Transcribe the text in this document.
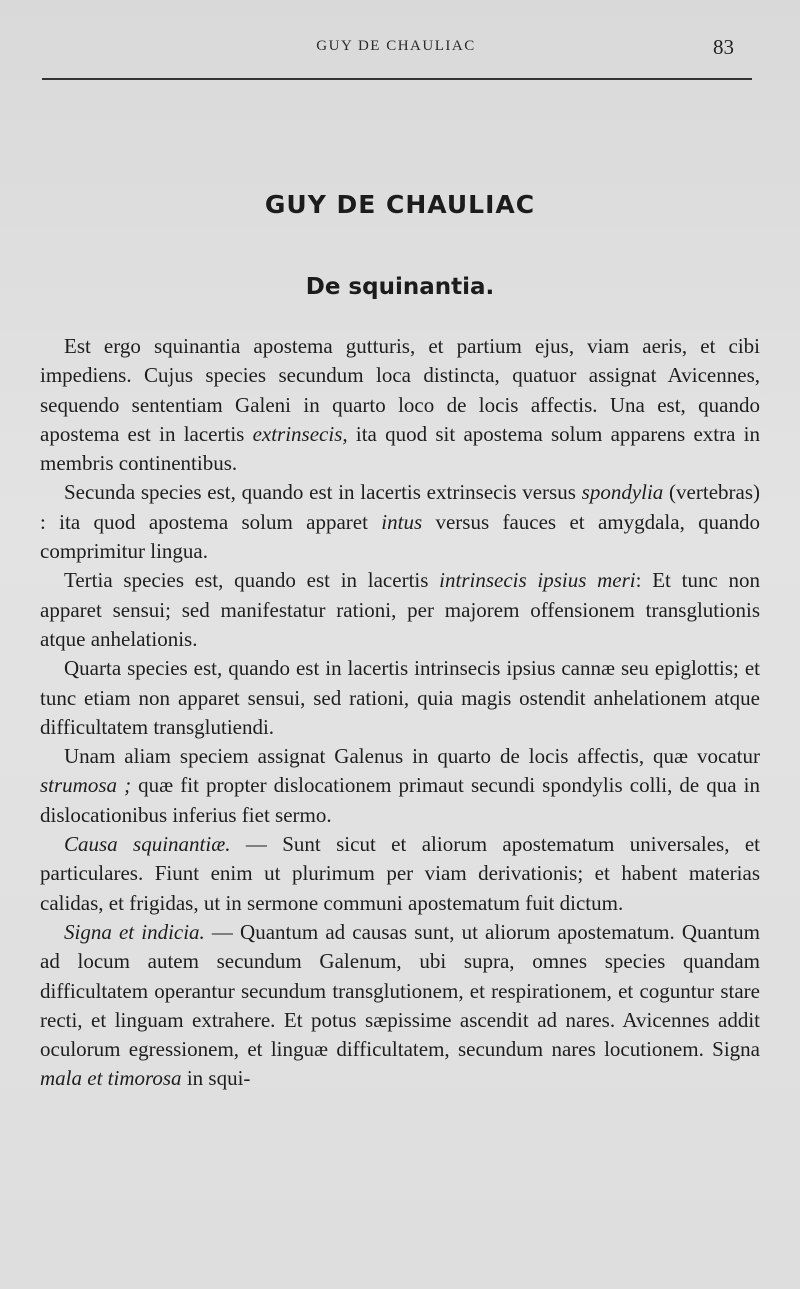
GUY DE CHAULIAC	83
GUY DE CHAULIAC
De squinantia.

Est ergo squinantia apostema gutturis, et partium ejus, viam aeris, et cibi impediens. Cujus species secundum loca distincta, quatuor assignat Avicennes, sequendo sententiam Galeni in quarto loco de locis affectis. Una est, quando apostema est in lacertis extrinsecis, ita quod sit apostema solum apparens extra in membris continentibus.

Secunda species est, quando est in lacertis extrinsecis versus spondylia (vertebras) : ita quod apostema solum apparet intus versus fauces et amygdala, quando comprimitur lingua.

Tertia species est, quando est in lacertis intrinsecis ipsius meri: Et tunc non apparet sensui; sed manifestatur rationi, per majorem offensionem transglutionis atque anhelationis.

Quarta species est, quando est in lacertis intrinsecis ipsius cannæ seu epiglottis; et tunc etiam non apparet sensui, sed rationi, quia magis ostendit anhelationem atque difficultatem transglutiendi.

Unam aliam speciem assignat Galenus in quarto de locis affectis, quæ vocatur strumosa ; quæ fit propter dislocationem primaut secundi spondylis colli, de qua in dislocationibus inferius fiet sermo.

Causa squinantiæ. — Sunt sicut et aliorum apostematum universales, et particulares. Fiunt enim ut plurimum per viam derivationis; et habent materias calidas, et frigidas, ut in sermone communi apostematum fuit dictum.

Signa et indicia. — Quantum ad causas sunt, ut aliorum apostematum. Quantum ad locum autem secundum Galenum, ubi supra, omnes species quandam difficultatem operantur secundum transglutionem, et respirationem, et coguntur stare recti, et linguam extrahere. Et potus sæpissime ascendit ad nares. Avicennes addit oculorum egressionem, et linguæ difficultatem, secundum nares locutionem. Signa mala et timorosa in squi-
